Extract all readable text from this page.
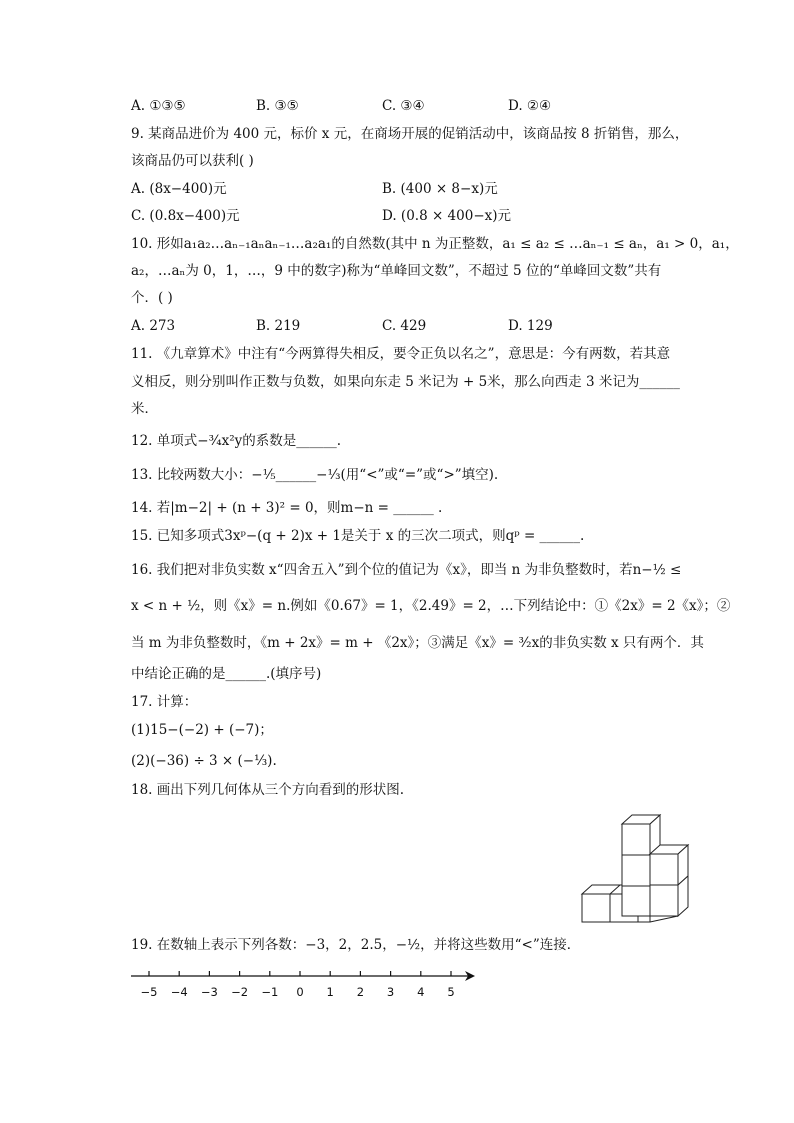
A. ①③⑤	B. ③⑤	C. ③④	D. ②④
9. 某商品进价为 400 元，标价 x 元，在商场开展的促销活动中，该商品按 8 折销售，那么，
该商品仍可以获利( )
A. (8x−400)元	B. (400 × 8−x)元
C. (0.8x−400)元	D. (0.8 × 400−x)元
10. 形如a₁a₂…aₙ₋₁aₙaₙ₋₁…a₂a₁的自然数(其中 n 为正整数，a₁ ≤ a₂ ≤ …aₙ₋₁ ≤ aₙ，a₁ > 0，a₁，
a₂，…aₙ为 0，1，…，9 中的数字)称为“单峰回文数”，不超过 5 位的“单峰回文数”共有
个．( )
A. 273	B. 219	C. 429	D. 129
11. 《九章算术》中注有“今两算得失相反，要令正负以名之”，意思是：今有两数，若其意
义相反，则分别叫作正数与负数，如果向东走 5 米记为 + 5米，那么向西走 3 米记为______
米．
12. 单项式−³⁄₄x²y的系数是______.
13. 比较两数大小：−¹⁄₅______−¹⁄₃(用“<”或“=”或“>”填空).
14. 若|m−2| + (n + 3)² = 0，则m−n = ______ .
15. 已知多项式3xᵖ−(q + 2)x + 1是关于 x 的三次二项式，则qᵖ = ______.
16. 我们把对非负实数 x“四舍五入”到个位的值记为《x》，即当 n 为非负整数时，若n−½ ≤
x < n + ½，则《x》= n.例如《0.67》= 1，《2.49》= 2，…下列结论中：①《2x》= 2《x》；②
当 m 为非负整数时，《m + 2x》= m + 《2x》；③满足《x》= ³⁄₂x的非负实数 x 只有两个．其
中结论正确的是______.(填序号)
17. 计算：
(1)15−(−2) + (−7)；
(2)(−36) ÷ 3 × (−⅓).
18. 画出下列几何体从三个方向看到的形状图.
19. 在数轴上表示下列各数：−3，2，2.5，−½，并将这些数用“<”连接．
−5 −4 −3 −2 −1	0	1	2	3	4	5
